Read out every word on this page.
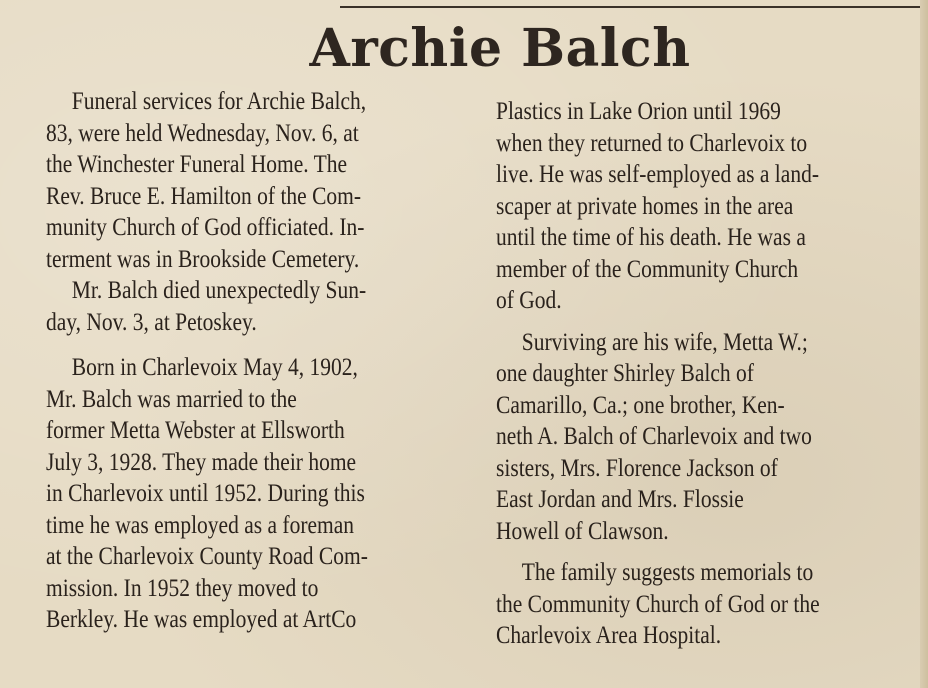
Archie Balch

Funeral services for Archie Balch,

83, were held Wednesday, Nov. 6, at

the Winchester Funeral Home. The

Rev. Bruce E. Hamilton of the Com-

munity Church of God officiated. In-

terment was in Brookside Cemetery.

Mr. Balch died unexpectedly Sun-

day, Nov. 3, at Petoskey.

Born in Charlevoix May 4, 1902,

Mr. Balch was married to the

former Metta Webster at Ellsworth

July 3, 1928. They made their home

in Charlevoix until 1952. During this

time he was employed as a foreman

at the Charlevoix County Road Com-

mission. In 1952 they moved to

Berkley. He was employed at ArtCo

Plastics in Lake Orion until 1969

when they returned to Charlevoix to

live. He was self-employed as a land-

scaper at private homes in the area

until the time of his death. He was a

member of the Community Church

of God.

Surviving are his wife, Metta W.;

one daughter Shirley Balch of

Camarillo, Ca.; one brother, Ken-

neth A. Balch of Charlevoix and two

sisters, Mrs. Florence Jackson of

East Jordan and Mrs. Flossie

Howell of Clawson.

The family suggests memorials to

the Community Church of God or the

Charlevoix Area Hospital.
